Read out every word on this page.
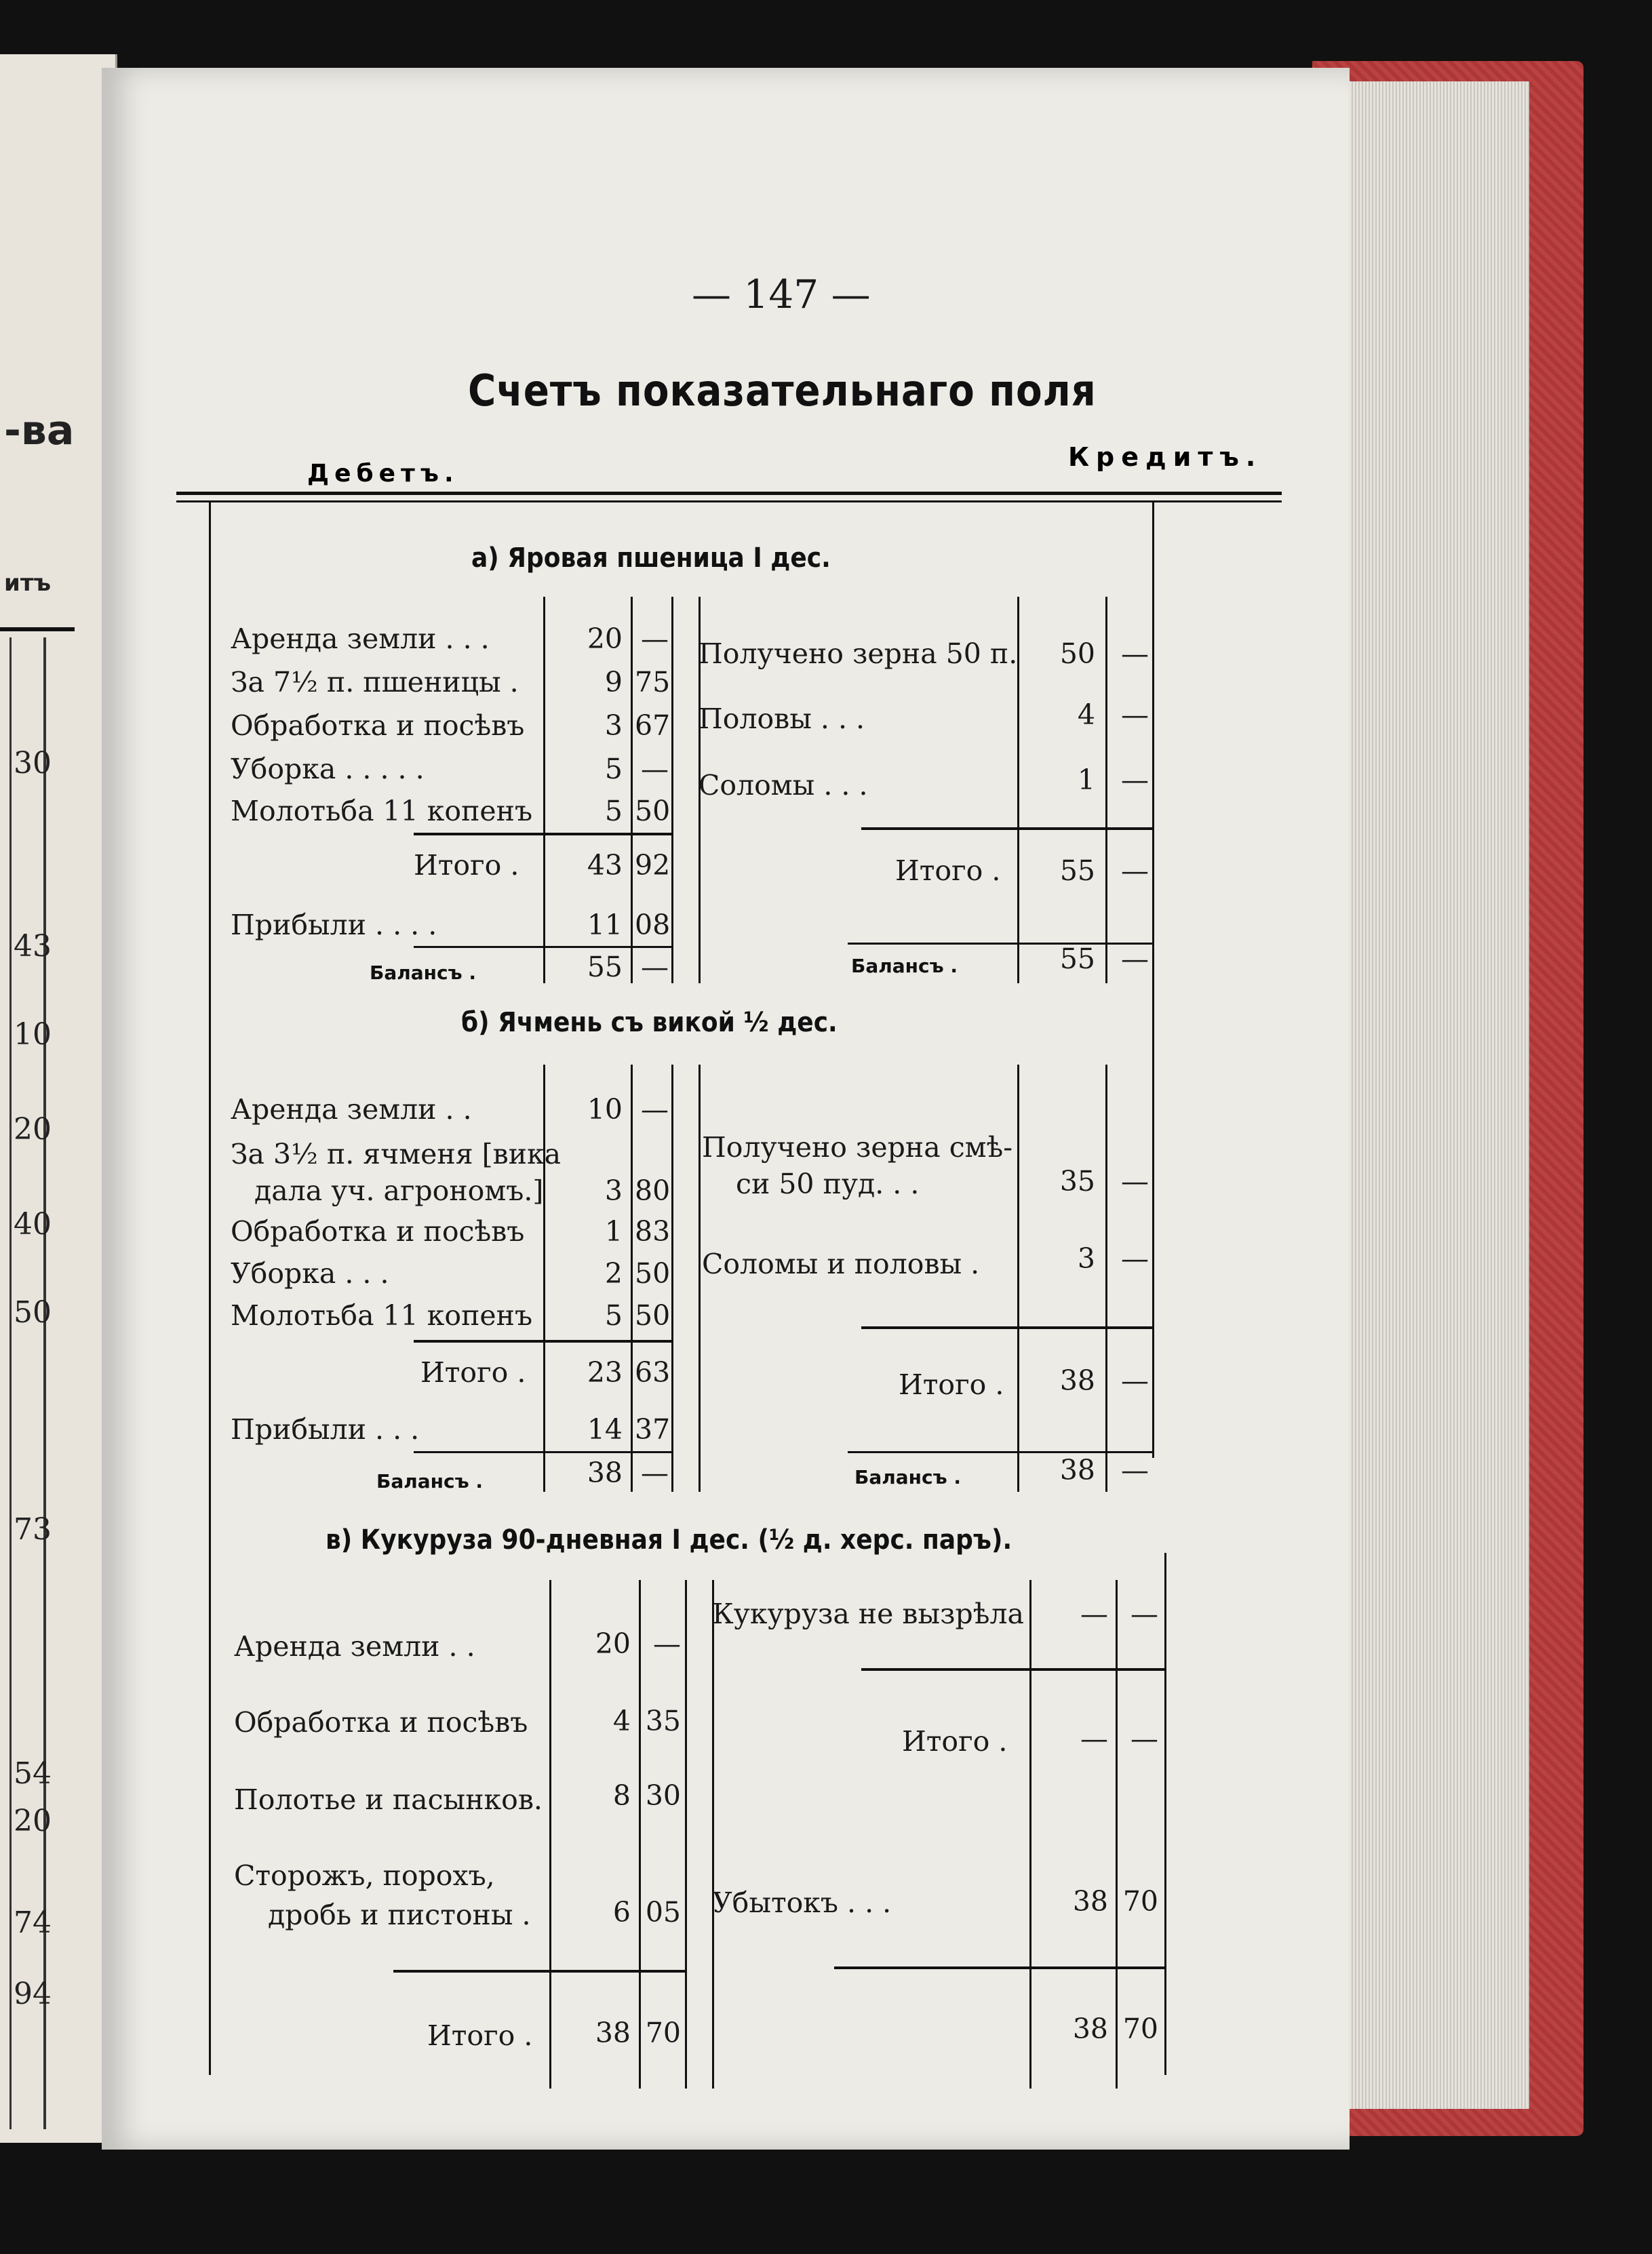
-ва
итъ
30
43
10
20
40
50
73
54
20
74
94
— 147 —
Счетъ показательнаго поля
Дебетъ.
Кредитъ.
а) Яровая пшеница I дес.
Аренда земли . . .	20 —
За 7½ п. пшеницы .	9 75
Обработка и посѣвъ	3 67
Уборка . . . . .	5 —
Молотьба 11 копенъ	5 50
Итого .	43 92
Прибыли . . . .	11 08
Балансъ .	55 —
Получено зерна 50 п.	50 —
Половы . . .	4 —
Соломы . . .	1 —
Итого .	55 —
Балансъ .	55 —
б) Ячмень съ викой ½ дес.
Аренда земли . .	10 —
За 3½ п. ячменя [вика
дала уч. агрономъ.]	3 80
Обработка и посѣвъ	1 83
Уборка . . .	2 50
Молотьба 11 копенъ	5 50
Итого .	23 63
Прибыли . . .	14 37
Балансъ .	38 —
Получено зерна смѣ-
си 50 пуд. . .	35 —
Соломы и половы .	3 —
Итого .	38 —
Балансъ .	38 —
в) Кукуруза 90-дневная I дес. (½ д. херс. паръ).
Аренда земли . .	20 —
Обработка и посѣвъ	4 35
Полотье и пасынков.	8 30
Сторожъ, порохъ,
дробь и пистоны .	6 05
Итого .	38 70
Кукуруза не вызрѣла	— —
Итого .	— —
Убытокъ . . .	38 70
38 70
